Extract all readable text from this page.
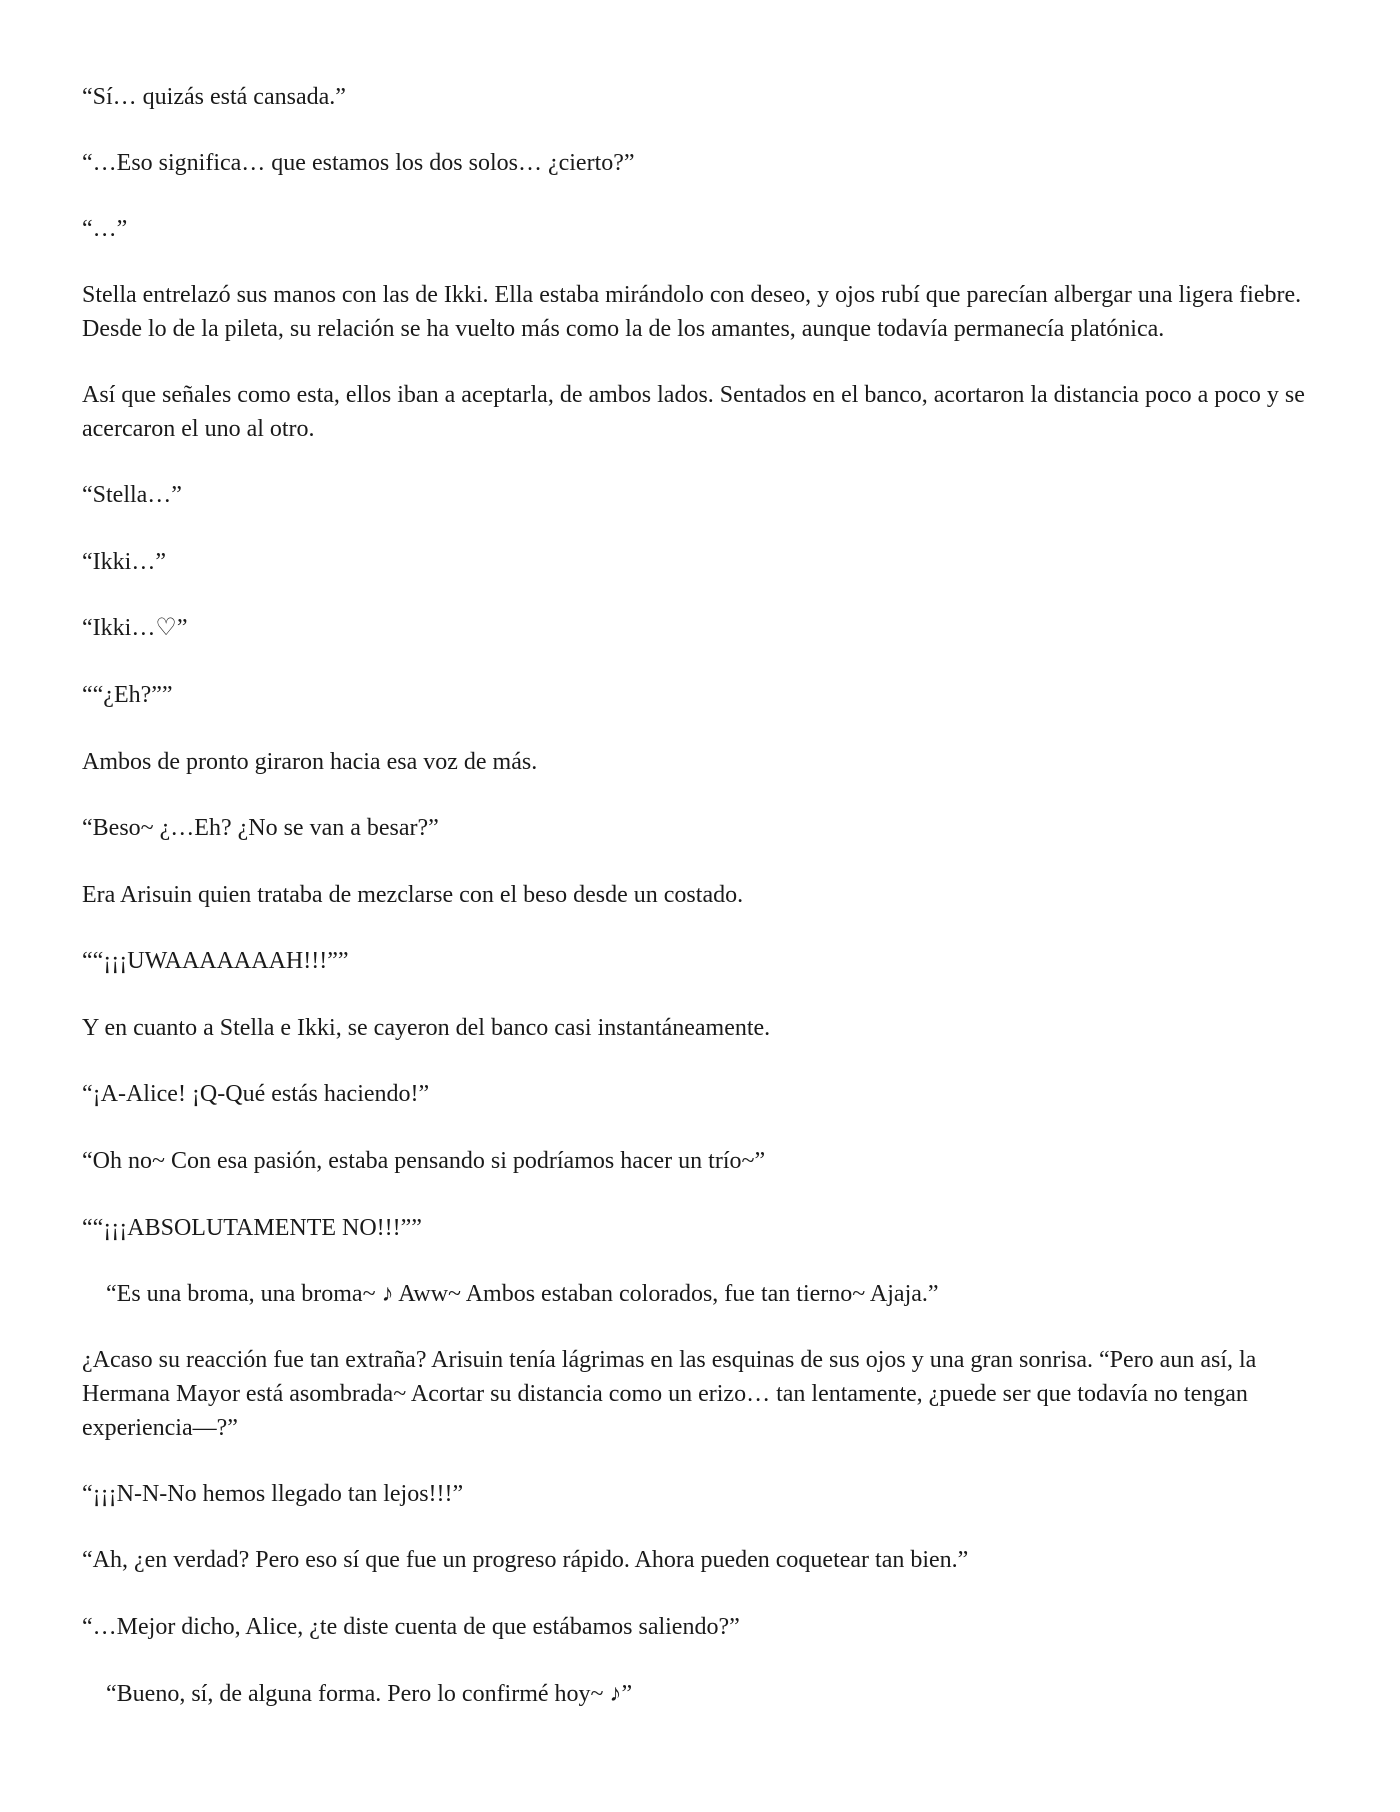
“Sí… quizás está cansada.”

“…Eso significa… que estamos los dos solos… ¿cierto?”

“…”

Stella entrelazó sus manos con las de Ikki. Ella estaba mirándolo con deseo, y ojos rubí que parecían albergar una ligera fiebre. Desde lo de la pileta, su relación se ha vuelto más como la de los amantes, aunque todavía permanecía platónica.

Así que señales como esta, ellos iban a aceptarla, de ambos lados. Sentados en el banco, acortaron la distancia poco a poco y se acercaron el uno al otro.

“Stella…”

“Ikki…”

“Ikki…♡”

““¿Eh?””

Ambos de pronto giraron hacia esa voz de más.

“Beso~ ¿…Eh? ¿No se van a besar?”

Era Arisuin quien trataba de mezclarse con el beso desde un costado.

““¡¡¡UWAAAAAAAH!!!””

Y en cuanto a Stella e Ikki, se cayeron del banco casi instantáneamente.

“¡A-Alice! ¡Q-Qué estás haciendo!”

“Oh no~ Con esa pasión, estaba pensando si podríamos hacer un trío~”

““¡¡¡ABSOLUTAMENTE NO!!!””

“Es una broma, una broma~ ♪ Aww~ Ambos estaban colorados, fue tan tierno~ Ajaja.”

¿Acaso su reacción fue tan extraña? Arisuin tenía lágrimas en las esquinas de sus ojos y una gran sonrisa. “Pero aun así, la Hermana Mayor está asombrada~ Acortar su distancia como un erizo… tan lentamente, ¿puede ser que todavía no tengan experiencia—?”

“¡¡¡N-N-No hemos llegado tan lejos!!!”

“Ah, ¿en verdad? Pero eso sí que fue un progreso rápido. Ahora pueden coquetear tan bien.”

“…Mejor dicho, Alice, ¿te diste cuenta de que estábamos saliendo?”

“Bueno, sí, de alguna forma. Pero lo confirmé hoy~ ♪”
